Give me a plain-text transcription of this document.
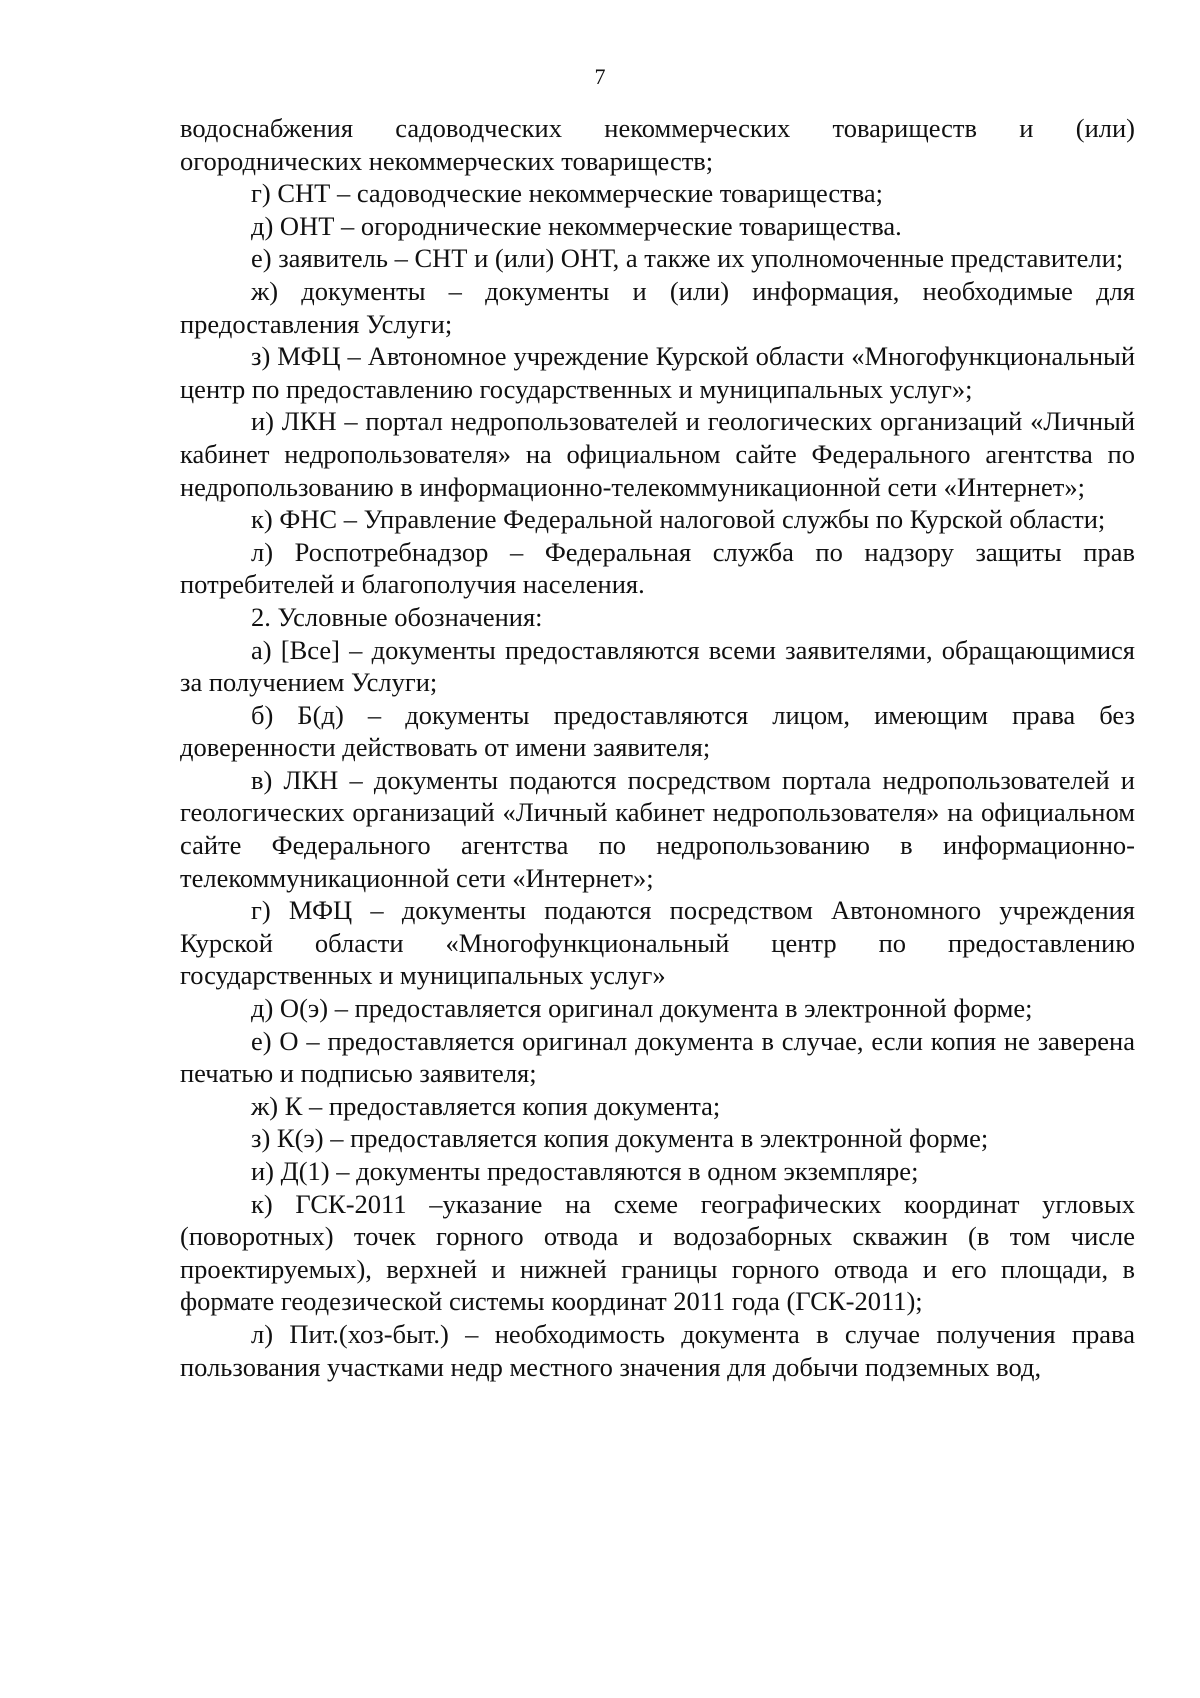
7

водоснабжения садоводческих некоммерческих товариществ и (или) огороднических некоммерческих товариществ;

г) СНТ – садоводческие некоммерческие товарищества;

д) ОНТ – огороднические некоммерческие товарищества.

е) заявитель – СНТ и (или) ОНТ, а также их уполномоченные представители;

ж) документы – документы и (или) информация, необходимые для предоставления Услуги;

з) МФЦ – Автономное учреждение Курской области «Многофункциональный центр по предоставлению государственных и муниципальных услуг»;

и) ЛКН – портал недропользователей и геологических организаций «Личный кабинет недропользователя» на официальном сайте Федерального агентства по недропользованию в информационно-телекоммуникационной сети «Интернет»;

к) ФНС – Управление Федеральной налоговой службы по Курской области;

л) Роспотребнадзор – Федеральная служба по надзору защиты прав потребителей и благополучия населения.

2. Условные обозначения:

а) [Все] – документы предоставляются всеми заявителями, обращающимися за получением Услуги;

б) Б(д) – документы предоставляются лицом, имеющим права без доверенности действовать от имени заявителя;

в) ЛКН – документы подаются посредством портала недропользователей и геологических организаций «Личный кабинет недропользователя» на официальном сайте Федерального агентства по недропользованию в информационно-телекоммуникационной сети «Интернет»;

г) МФЦ – документы подаются посредством Автономного учреждения Курской области «Многофункциональный центр по предоставлению государственных и муниципальных услуг»

д) О(э) – предоставляется оригинал документа в электронной форме;

е) О – предоставляется оригинал документа в случае, если копия не заверена печатью и подписью заявителя;

ж) К – предоставляется копия документа;

з) К(э) – предоставляется копия документа в электронной форме;

и) Д(1) – документы предоставляются в одном экземпляре;

к) ГСК-2011 –указание на схеме географических координат угловых (поворотных) точек горного отвода и водозаборных скважин (в том числе проектируемых), верхней и нижней границы горного отвода и его площади, в формате геодезической системы координат 2011 года (ГСК-2011);

л) Пит.(хоз-быт.) – необходимость документа в случае получения права пользования участками недр местного значения для добычи подземных вод,
